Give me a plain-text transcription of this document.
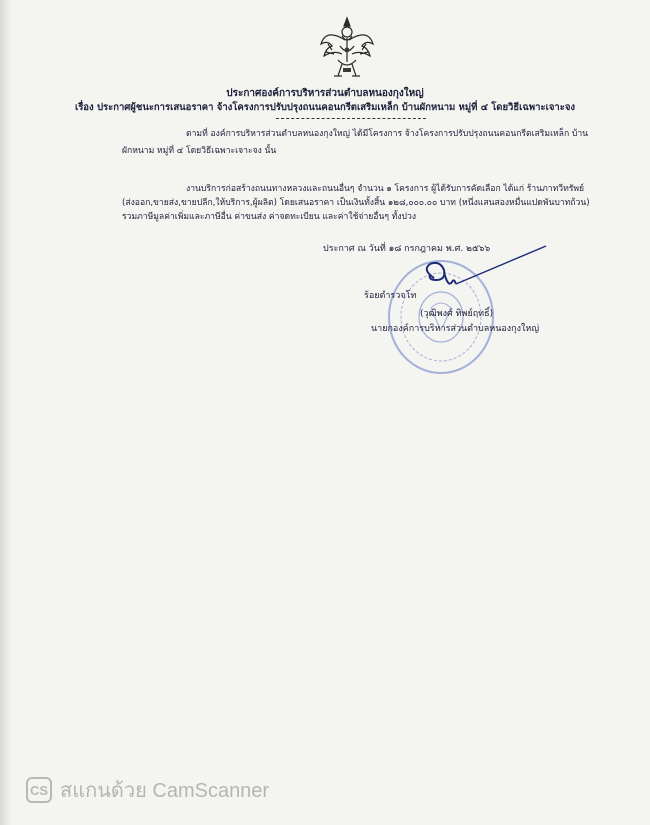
ประกาศองค์การบริหารส่วนตำบลหนองกุงใหญ่
เรื่อง ประกาศผู้ชนะการเสนอราคา จ้างโครงการปรับปรุงถนนคอนกรีตเสริมเหล็ก บ้านผักหนาม หมู่ที่ ๔ โดยวิธีเฉพาะเจาะจง
ตามที่ องค์การบริหารส่วนตำบลหนองกุงใหญ่ ได้มีโครงการ จ้างโครงการปรับปรุงถนนคอนกรีตเสริมเหล็ก บ้าน
ผักหนาม หมู่ที่ ๔ โดยวิธีเฉพาะเจาะจง นั้น
งานบริการก่อสร้างถนนทางหลวงและถนนอื่นๆ จำนวน ๑ โครงการ ผู้ได้รับการคัดเลือก ได้แก่ ร้านภาทวีทรัพย์
(ส่งออก,ขายส่ง,ขายปลีก,ให้บริการ,ผู้ผลิต) โดยเสนอราคา เป็นเงินทั้งสิ้น ๑๒๘,๐๐๐.๐๐ บาท (หนึ่งแสนสองหมื่นแปดพันบาทถ้วน)
รวมภาษีมูลค่าเพิ่มและภาษีอื่น ค่าขนส่ง ค่าจดทะเบียน และค่าใช้จ่ายอื่นๆ ทั้งปวง
ประกาศ ณ วันที่ ๑๘ กรกฎาคม พ.ศ. ๒๕๖๖
ร้อยตำรวจโท
(วุฒิพงศ์ ทิพย์ฤทธิ์)
นายกองค์การบริหารส่วนตำบลหนองกุงใหญ่
CS สแกนด้วย CamScanner
